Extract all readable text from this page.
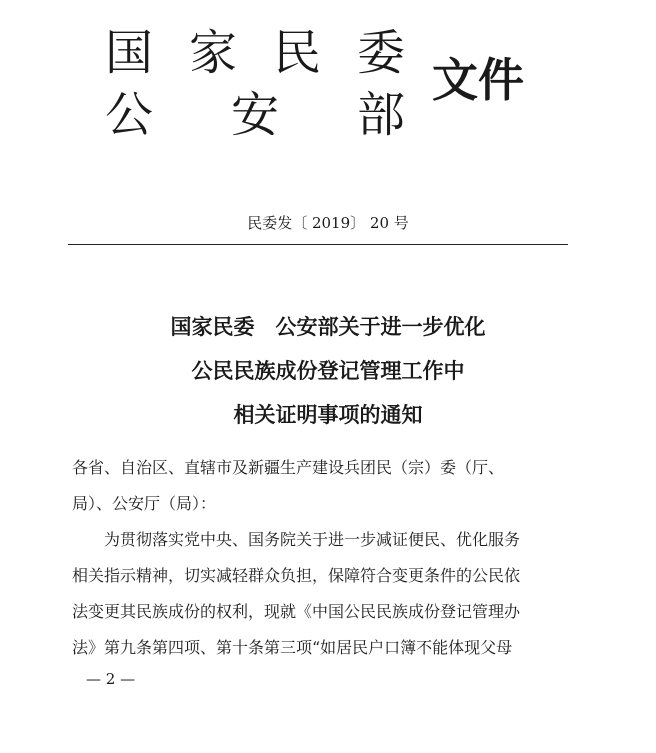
国 家 民 委
公 安 部
文件
民委发〔 2019〕 20 号
国家民委　公安部关于进一步优化
公民民族成份登记管理工作中
相关证明事项的通知
各省、自治区、直辖市及新疆生产建设兵团民（宗）委（厅、
局）、公安厅（局）：
为贯彻落实党中央、国务院关于进一步减证便民、优化服务
相关指示精神，切实减轻群众负担，保障符合变更条件的公民依
法变更其民族成份的权利，现就《中国公民民族成份登记管理办
法》第九条第四项、第十条第三项“如居民户口簿不能体现父母
— 2 —
